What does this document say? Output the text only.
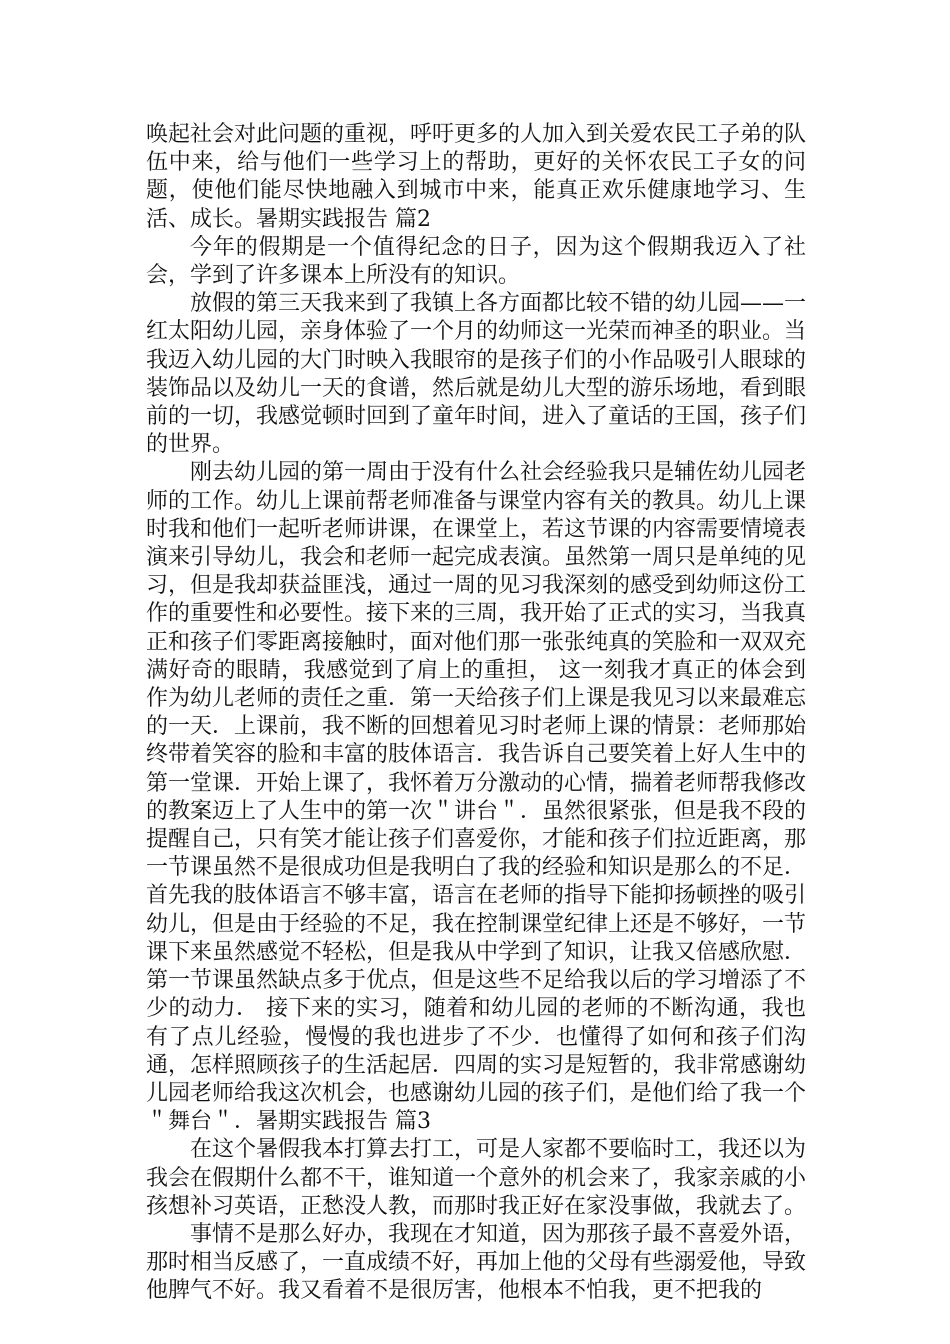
唤起社会对此问题的重视，呼吁更多的人加入到关爱农民工子弟的队伍中来，给与他们一些学习上的帮助，更好的关怀农民工子女的问题，使他们能尽快地融入到城市中来，能真正欢乐健康地学习、生活、成长。暑期实践报告 篇2

今年的假期是一个值得纪念的日子，因为这个假期我迈入了社会，学到了许多课本上所没有的知识。

放假的第三天我来到了我镇上各方面都比较不错的幼儿园——一红太阳幼儿园，亲身体验了一个月的幼师这一光荣而神圣的职业。当我迈入幼儿园的大门时映入我眼帘的是孩子们的小作品吸引人眼球的装饰品以及幼儿一天的食谱，然后就是幼儿大型的游乐场地，看到眼前的一切，我感觉顿时回到了童年时间，进入了童话的王国，孩子们的世界。

刚去幼儿园的第一周由于没有什么社会经验我只是辅佐幼儿园老师的工作。幼儿上课前帮老师准备与课堂内容有关的教具。幼儿上课时我和他们一起听老师讲课，在课堂上，若这节课的内容需要情境表演来引导幼儿，我会和老师一起完成表演。虽然第一周只是单纯的见习，但是我却获益匪浅，通过一周的见习我深刻的感受到幼师这份工作的重要性和必要性。接下来的三周，我开始了正式的实习，当我真正和孩子们零距离接触时，面对他们那一张张纯真的笑脸和一双双充满好奇的眼睛，我感觉到了肩上的重担， 这一刻我才真正的体会到作为幼儿老师的责任之重．第一天给孩子们上课是我见习以来最难忘的一天．上课前，我不断的回想着见习时老师上课的情景：老师那始终带着笑容的脸和丰富的肢体语言．我告诉自己要笑着上好人生中的第一堂课．开始上课了，我怀着万分激动的心情，揣着老师帮我修改的教案迈上了人生中的第一次＂讲台＂．虽然很紧张，但是我不段的提醒自己，只有笑才能让孩子们喜爱你，才能和孩子们拉近距离，那一节课虽然不是很成功但是我明白了我的经验和知识是那么的不足．首先我的肢体语言不够丰富，语言在老师的指导下能抑扬顿挫的吸引幼儿，但是由于经验的不足，我在控制课堂纪律上还是不够好，一节课下来虽然感觉不轻松，但是我从中学到了知识，让我又倍感欣慰．第一节课虽然缺点多于优点，但是这些不足给我以后的学习增添了不少的动力． 接下来的实习，随着和幼儿园的老师的不断沟通，我也有了点儿经验，慢慢的我也进步了不少．也懂得了如何和孩子们沟通，怎样照顾孩子的生活起居．四周的实习是短暂的，我非常感谢幼儿园老师给我这次机会，也感谢幼儿园的孩子们，是他们给了我一个＂舞台＂．暑期实践报告 篇3

在这个暑假我本打算去打工，可是人家都不要临时工，我还以为我会在假期什么都不干，谁知道一个意外的机会来了，我家亲戚的小孩想补习英语，正愁没人教，而那时我正好在家没事做，我就去了。

事情不是那么好办，我现在才知道，因为那孩子最不喜爱外语，那时相当反感了，一直成绩不好，再加上他的父母有些溺爱他，导致他脾气不好。我又看着不是很厉害，他根本不怕我，更不把我的
